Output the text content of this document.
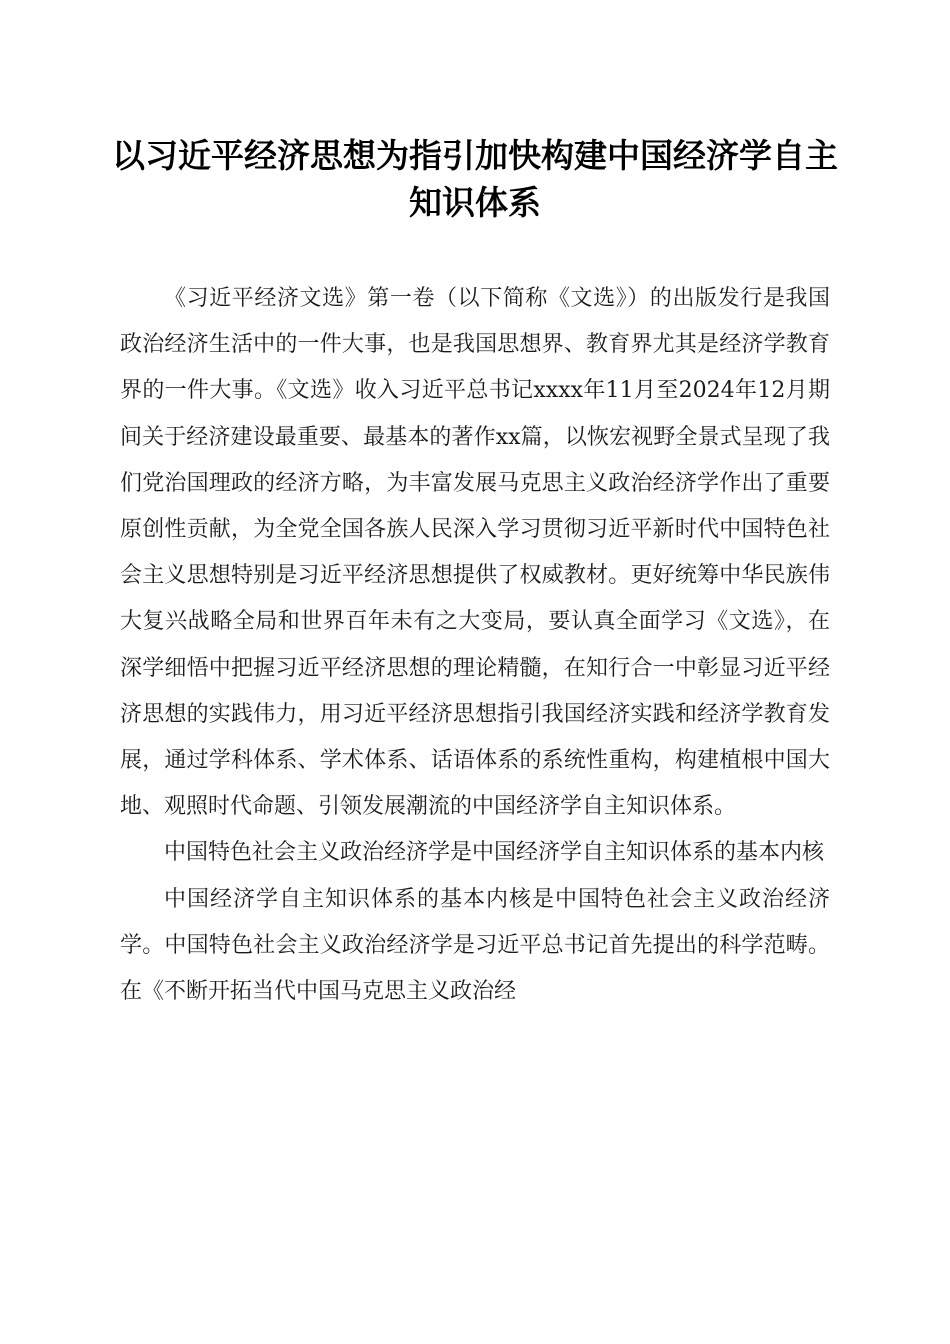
以习近平经济思想为指引加快构建中国经济学自主知识体系

《习近平经济文选》第一卷（以下简称《文选》）的出版发行是我国政治经济生活中的一件大事，也是我国思想界、教育界尤其是经济学教育界的一件大事。《文选》收入习近平总书记xxxx年11月至2024年12月期间关于经济建设最重要、最基本的著作xx篇，以恢宏视野全景式呈现了我们党治国理政的经济方略，为丰富发展马克思主义政治经济学作出了重要原创性贡献，为全党全国各族人民深入学习贯彻习近平新时代中国特色社会主义思想特别是习近平经济思想提供了权威教材。更好统筹中华民族伟大复兴战略全局和世界百年未有之大变局，要认真全面学习《文选》，在深学细悟中把握习近平经济思想的理论精髓，在知行合一中彰显习近平经济思想的实践伟力，用习近平经济思想指引我国经济实践和经济学教育发展，通过学科体系、学术体系、话语体系的系统性重构，构建植根中国大地、观照时代命题、引领发展潮流的中国经济学自主知识体系。

中国特色社会主义政治经济学是中国经济学自主知识体系的基本内核

中国经济学自主知识体系的基本内核是中国特色社会主义政治经济学。中国特色社会主义政治经济学是习近平总书记首先提出的科学范畴。在《不断开拓当代中国马克思主义政治经
